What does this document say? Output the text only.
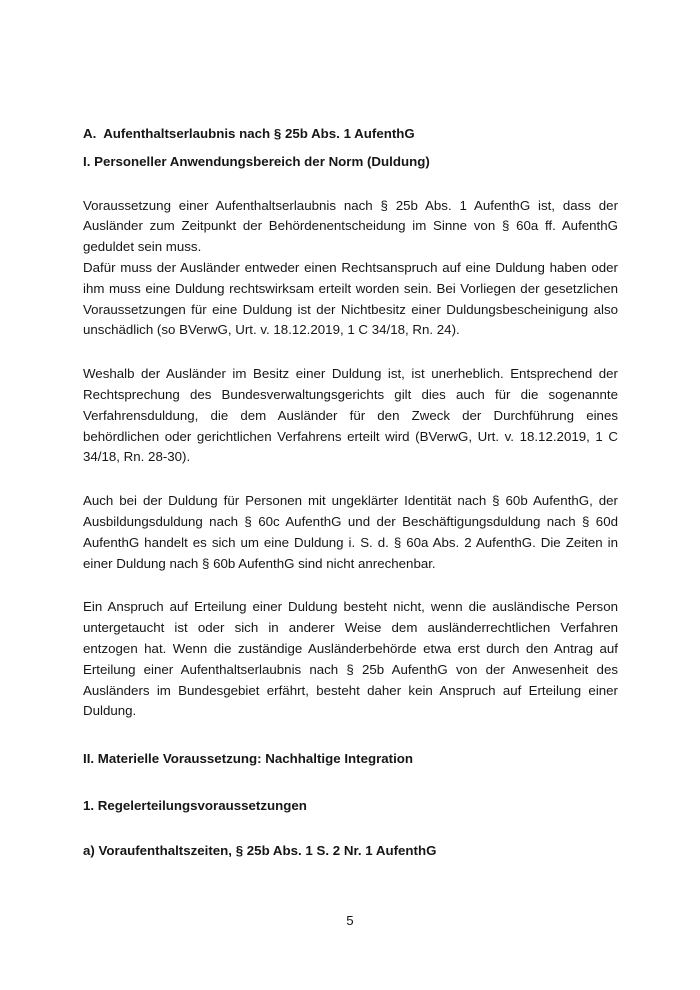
A.  Aufenthaltserlaubnis nach § 25b Abs. 1 AufenthG

I. Personeller Anwendungsbereich der Norm (Duldung)

Voraussetzung einer Aufenthaltserlaubnis nach § 25b Abs. 1 AufenthG ist, dass der Ausländer zum Zeitpunkt der Behördenentscheidung im Sinne von § 60a ff. AufenthG geduldet sein muss.

Dafür muss der Ausländer entweder einen Rechtsanspruch auf eine Duldung haben oder ihm muss eine Duldung rechtswirksam erteilt worden sein. Bei Vorliegen der gesetzlichen Voraussetzungen für eine Duldung ist der Nichtbesitz einer Duldungsbescheinigung also unschädlich (so BVerwG, Urt. v. 18.12.2019, 1 C 34/18, Rn. 24).

Weshalb der Ausländer im Besitz einer Duldung ist, ist unerheblich. Entsprechend der Rechtsprechung des Bundesverwaltungsgerichts gilt dies auch für die sogenannte Verfahrensduldung, die dem Ausländer für den Zweck der Durchführung eines behördlichen oder gerichtlichen Verfahrens erteilt wird (BVerwG, Urt. v. 18.12.2019, 1 C 34/18, Rn. 28-30).

Auch bei der Duldung für Personen mit ungeklärter Identität nach § 60b AufenthG, der Ausbildungsduldung nach § 60c AufenthG und der Beschäftigungsduldung nach § 60d AufenthG handelt es sich um eine Duldung i. S. d. § 60a Abs. 2 AufenthG. Die Zeiten in einer Duldung nach § 60b AufenthG sind nicht anrechenbar.

Ein Anspruch auf Erteilung einer Duldung besteht nicht, wenn die ausländische Person untergetaucht ist oder sich in anderer Weise dem ausländerrechtlichen Verfahren entzogen hat. Wenn die zuständige Ausländerbehörde etwa erst durch den Antrag auf Erteilung einer Aufenthaltserlaubnis nach § 25b AufenthG von der Anwesenheit des Ausländers im Bundesgebiet erfährt, besteht daher kein Anspruch auf Erteilung einer Duldung.

II. Materielle Voraussetzung: Nachhaltige Integration

1. Regelerteilungsvoraussetzungen

a) Voraufenthaltszeiten, § 25b Abs. 1 S. 2 Nr. 1 AufenthG

5
